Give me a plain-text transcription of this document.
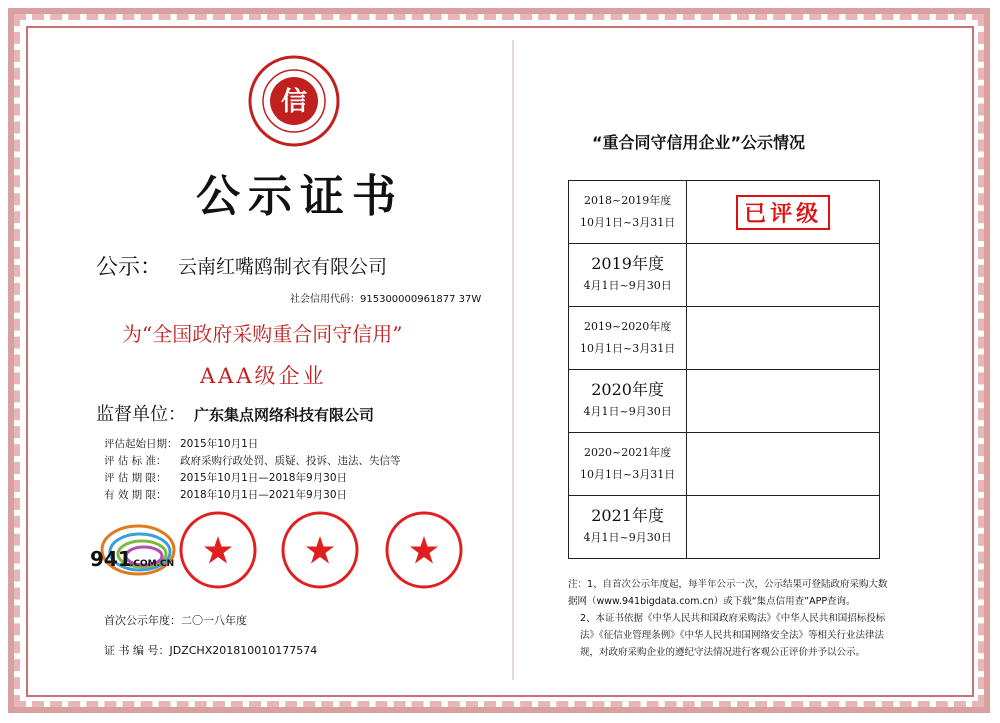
信
公示证书
公示： 云南红嘴鸥制衣有限公司
社会信用代码：915300000961877 37W
为“全国政府采购重合同守信用”
AAA级企业
监督单位： 广东集点网络科技有限公司
评估起始日期： 2015年10月1日
评 估 标 准： 政府采购行政处罚、质疑、投诉、违法、失信等
评 估 期 限： 2015年10月1日—2018年9月30日
有 效 期 限： 2018年10月1日—2021年9月30日
941
.COM.CN
首次公示年度：二〇一八年度
证 书 编 号：JDZCHX201810010177574
“重合同守信用企业”公示情况
2018~2019年度
10月1日~3月31日	已评级

2019年度
4月1日~9月30日	

2019~2020年度
10月1日~3月31日	

2020年度
4月1日~9月30日	

2020~2021年度
10月1日~3月31日	

2021年度
4月1日~9月30日	

注：1、自首次公示年度起，每半年公示一次，公示结果可登陆政府采购大数据网（www.941bigdata.com.cn）或下载“集点信用查”APP查询。
2、本证书依据《中华人民共和国政府采购法》《中华人民共和国招标投标法》《征信业管理条例》《中华人民共和国网络安全法》等相关行业法律法规，对政府采购企业的遵纪守法情况进行客观公正评价并予以公示。
